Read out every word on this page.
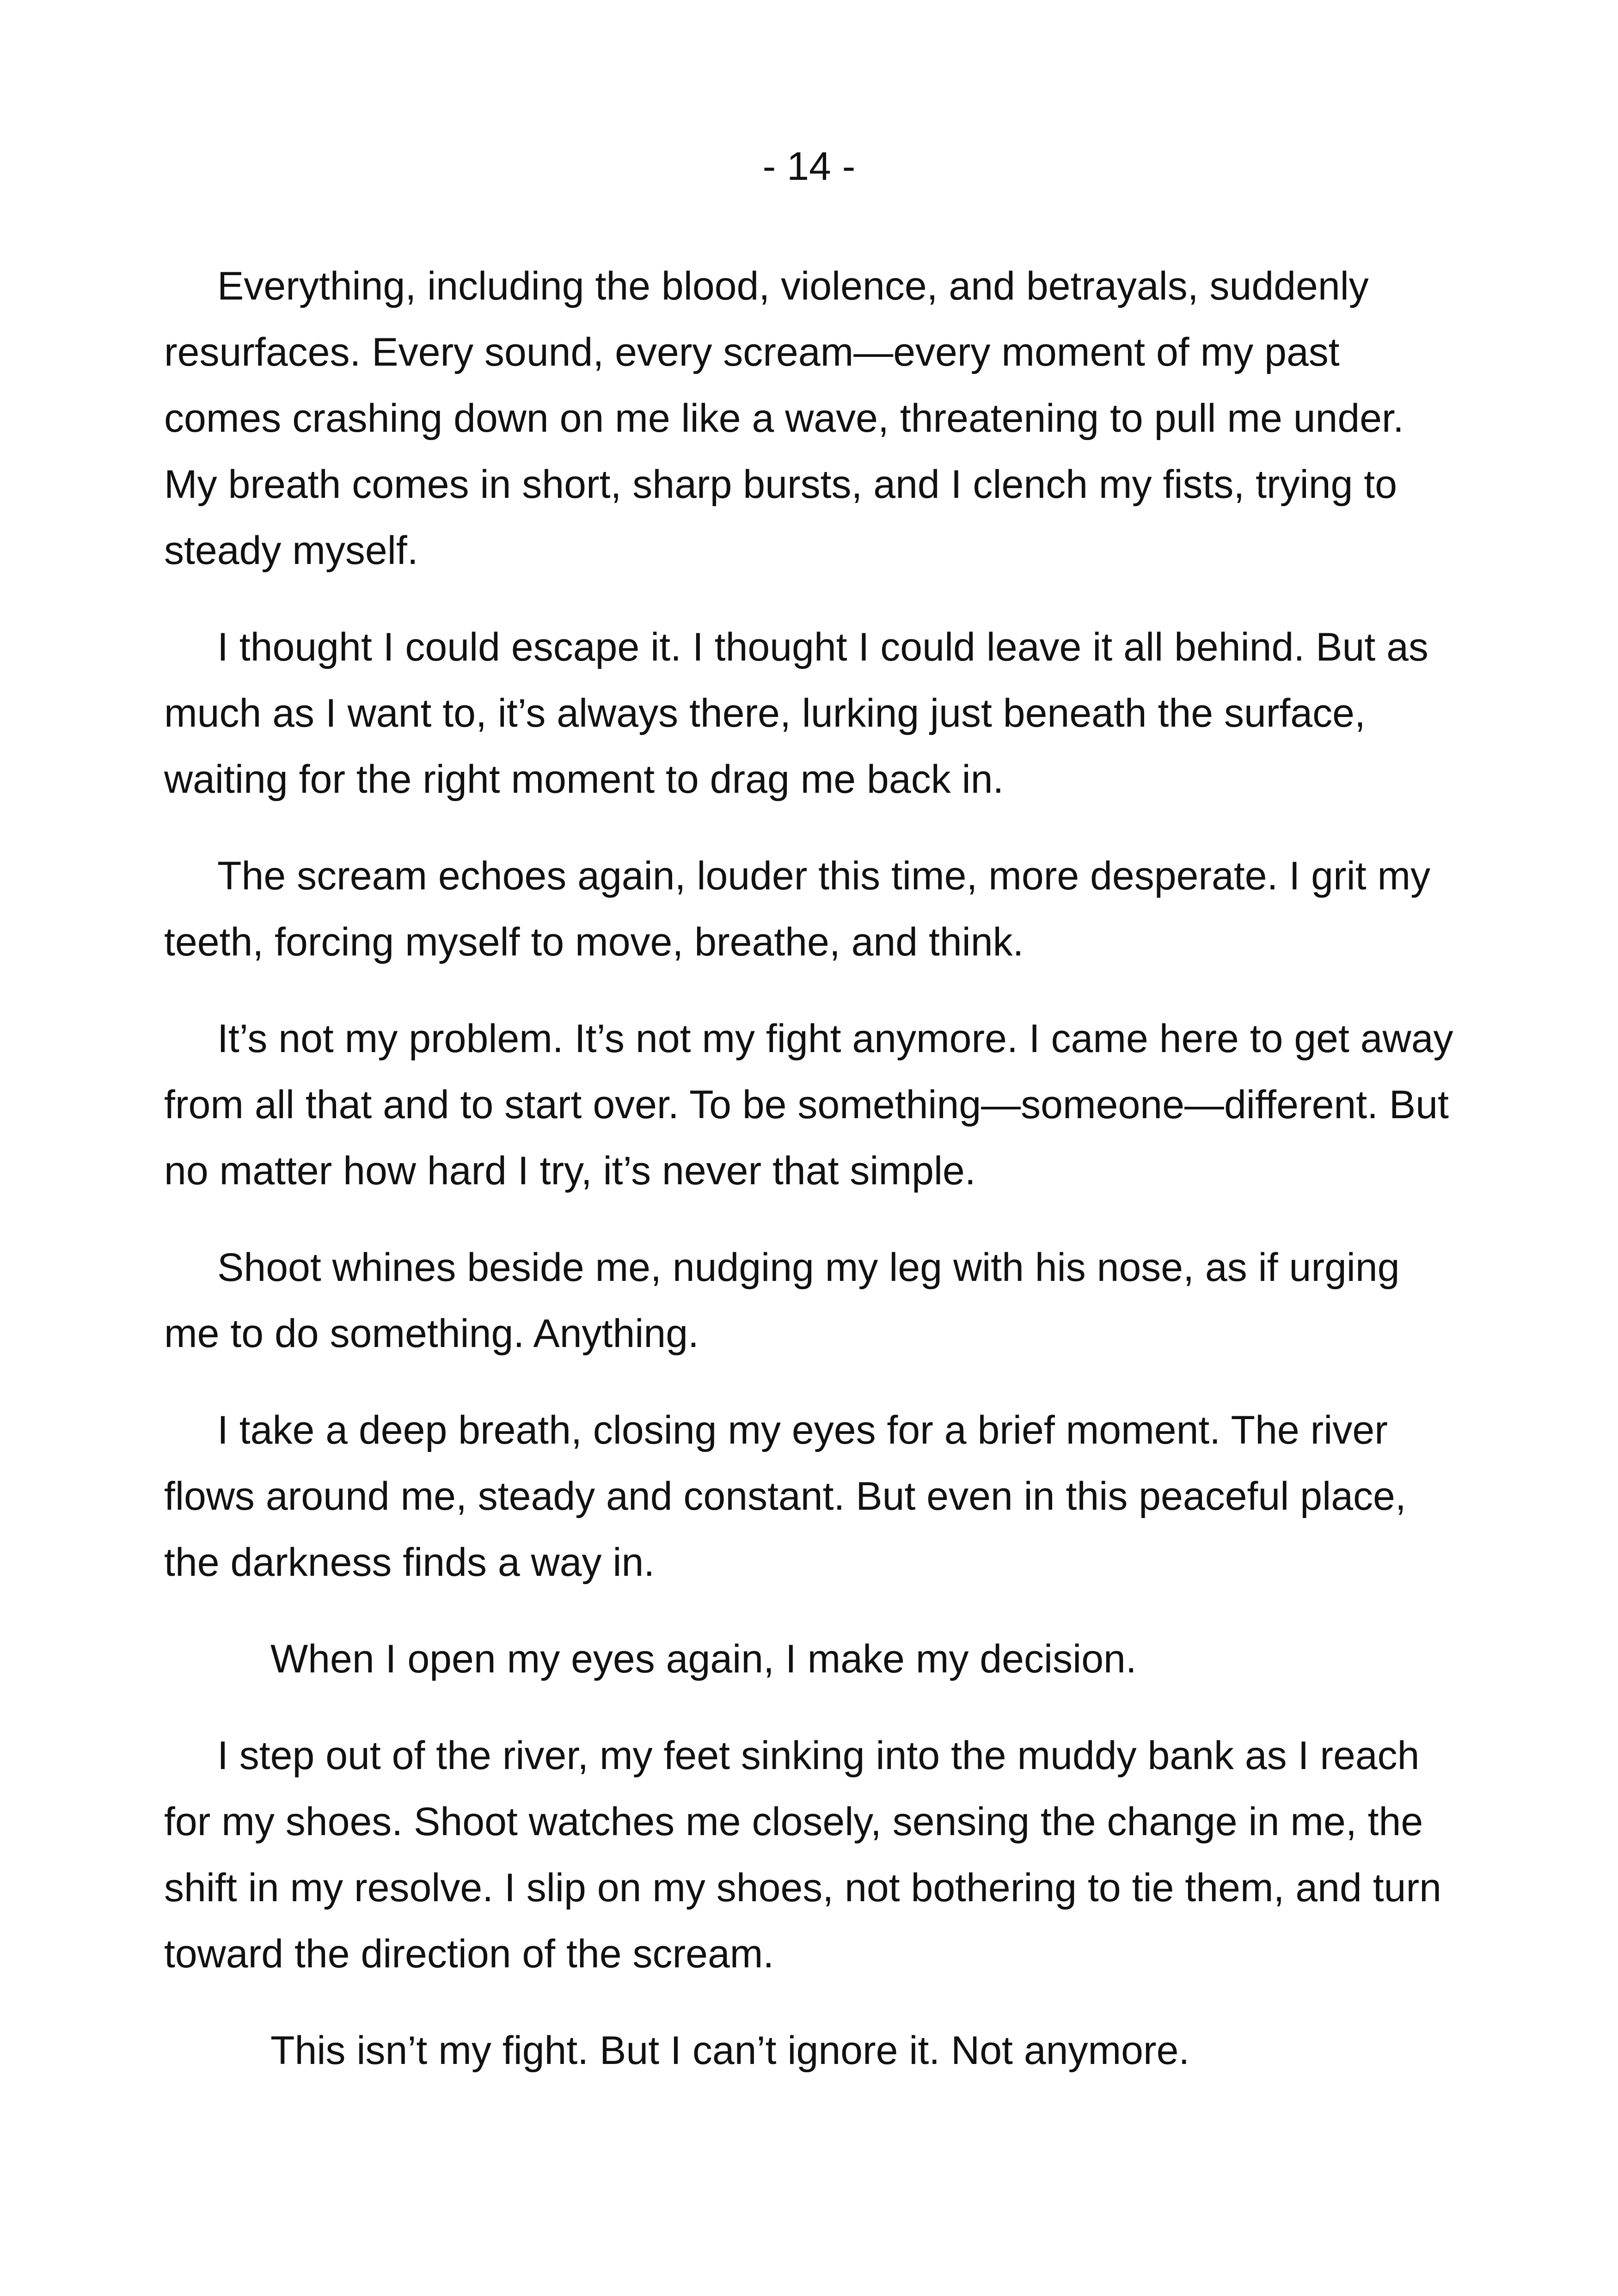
- 14 -

Everything, including the blood, violence, and betrayals, suddenly resurfaces. Every sound, every scream—every moment of my past comes crashing down on me like a wave, threatening to pull me under. My breath comes in short, sharp bursts, and I clench my fists, trying to steady myself.

I thought I could escape it. I thought I could leave it all behind. But as much as I want to, it’s always there, lurking just beneath the surface, waiting for the right moment to drag me back in.

The scream echoes again, louder this time, more desperate. I grit my teeth, forcing myself to move, breathe, and think.

It’s not my problem. It’s not my fight anymore. I came here to get away from all that and to start over. To be something—someone—different. But no matter how hard I try, it’s never that simple.

Shoot whines beside me, nudging my leg with his nose, as if urging me to do something. Anything.

I take a deep breath, closing my eyes for a brief moment. The river flows around me, steady and constant. But even in this peaceful place, the darkness finds a way in.

When I open my eyes again, I make my decision.

I step out of the river, my feet sinking into the muddy bank as I reach for my shoes. Shoot watches me closely, sensing the change in me, the shift in my resolve. I slip on my shoes, not bothering to tie them, and turn toward the direction of the scream.

This isn’t my fight. But I can’t ignore it. Not anymore.
